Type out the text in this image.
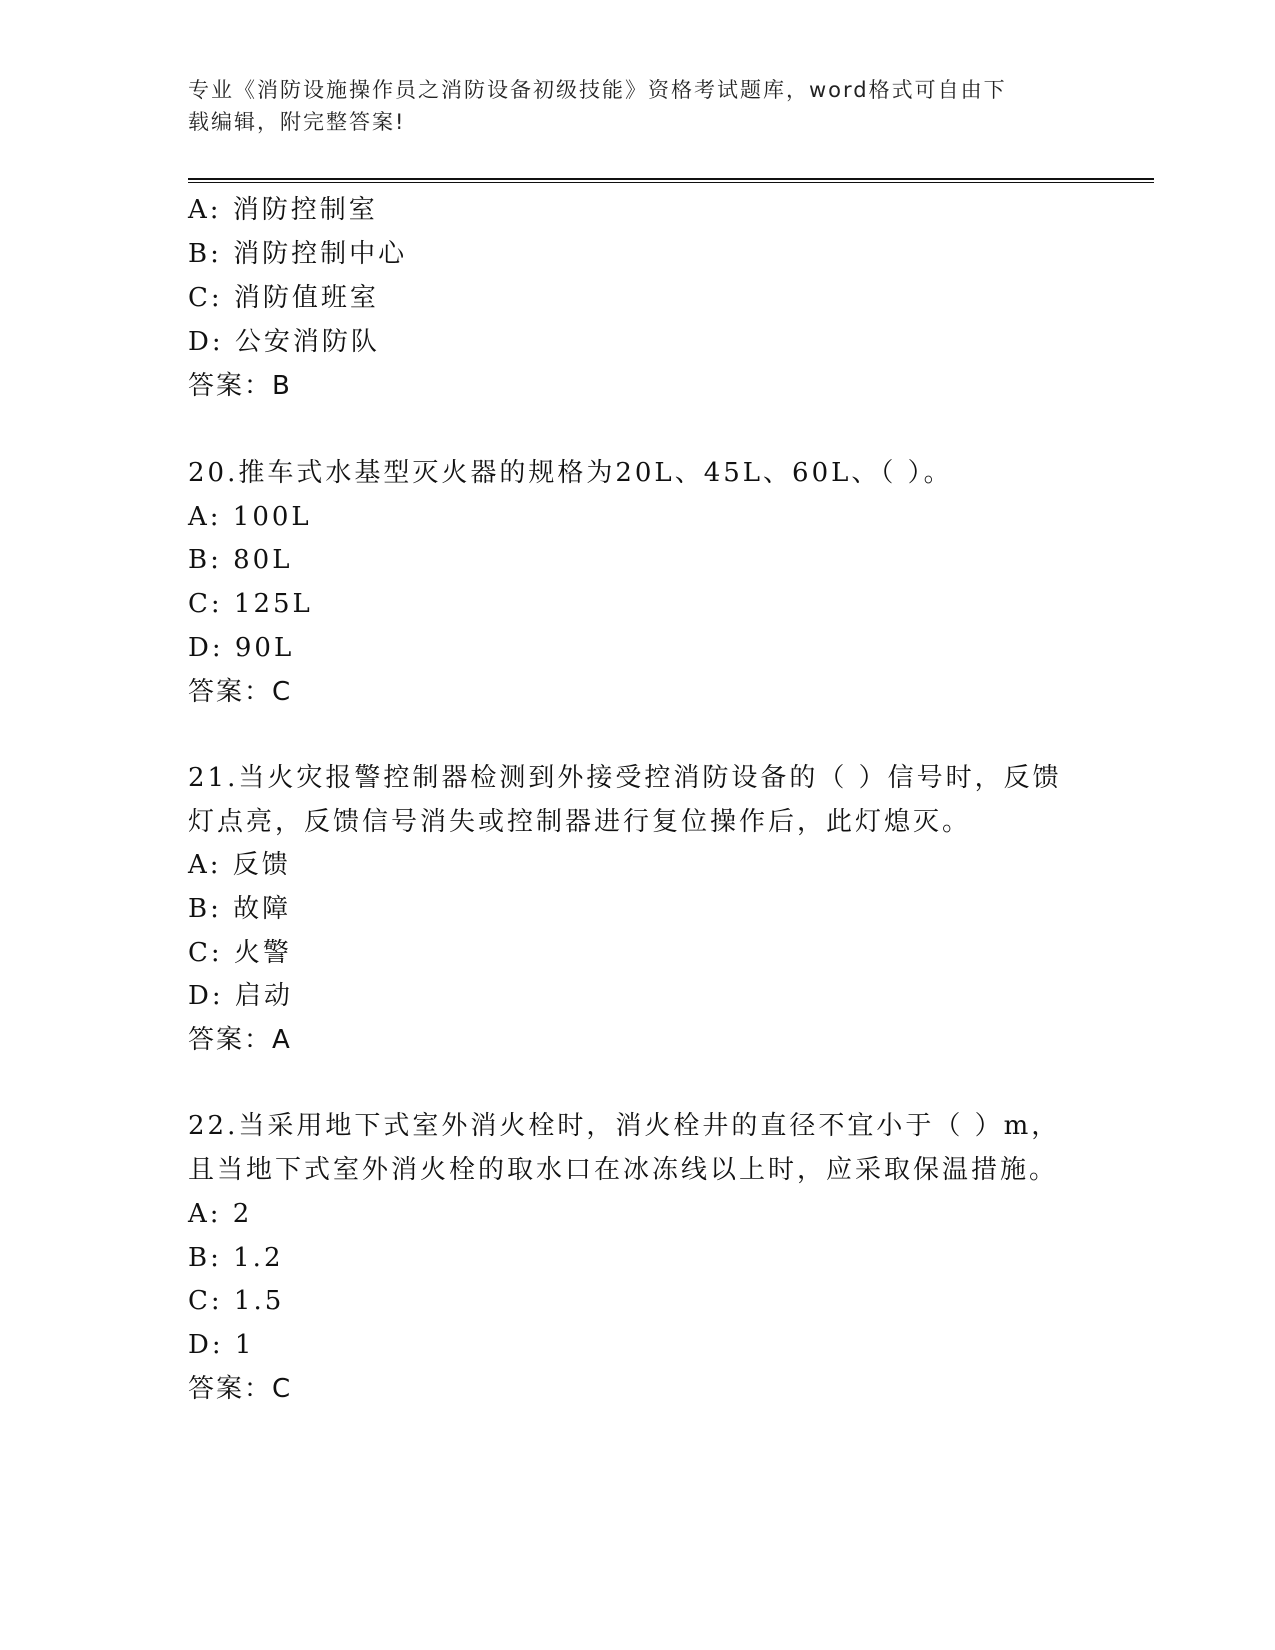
专业《消防设施操作员之消防设备初级技能》资格考试题库，word格式可自由下
载编辑，附完整答案!
A: 消防控制室
B: 消防控制中心
C: 消防值班室
D: 公安消防队
答案：B
20.推车式水基型灭火器的规格为20L、45L、60L、（ ）。
A: 100L
B: 80L
C: 125L
D: 90L
答案：C
21.当火灾报警控制器检测到外接受控消防设备的（ ）信号时，反馈
灯点亮，反馈信号消失或控制器进行复位操作后，此灯熄灭。
A: 反馈
B: 故障
C: 火警
D: 启动
答案：A
22.当采用地下式室外消火栓时，消火栓井的直径不宜小于（ ）m，
且当地下式室外消火栓的取水口在冰冻线以上时，应采取保温措施。
A: 2
B: 1.2
C: 1.5
D: 1
答案：C
